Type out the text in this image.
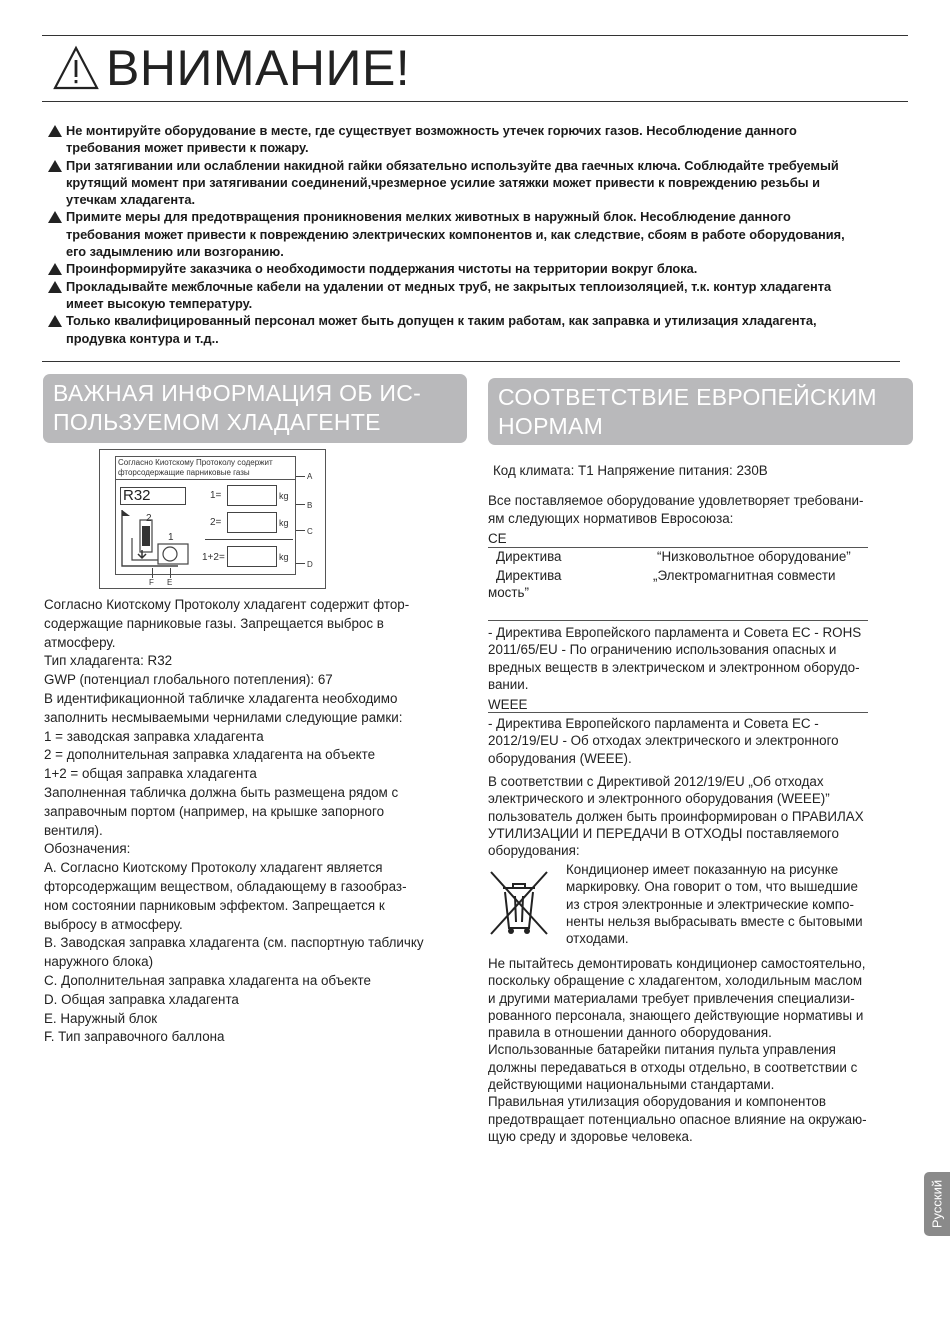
ВНИМАНИЕ!
Не монтируйте оборудование в месте, где существует возможность утечек горючих газов. Несоблюдение данного требования может привести к пожару.
При затягивании или ослаблении накидной гайки обязательно используйте два гаечных ключа. Соблюдайте требуемый крутящий момент при затягивании соединений,чрезмерное усилие затяжки может привести к повреждению резьбы и утечкам хладагента.
Примите меры для предотвращения проникновения мелких животных в наружный блок. Несоблюдение данного требования может привести к повреждению электрических компонентов и, как следствие, сбоям в работе оборудования, его задымлению или возгоранию.
Проинформируйте заказчика о необходимости поддержания чистоты на территории вокруг блока.
Прокладывайте межблочные кабели на удалении от медных труб, не закрытых теплоизоляцией, т.к. контур хладагента имеет высокую температуру.
Только квалифицированный персонал может быть допущен к таким работам, как заправка и утилизация хладагента, продувка контура и т.д..
ВАЖНАЯ ИНФОРМАЦИЯ ОБ ИС-
ПОЛЬЗУЕМОМ ХЛАДАГЕНТЕ
СООТВЕТСТВИЕ ЕВРОПЕЙСКИМ
НОРМАМ
Согласно Киотскому Протоколу содержит
фторсодержащие парниковые газы
R32	1=	kg
2=	kg
1+2=	kg
2
1
A
B
C
D
F E

Согласно Киотскому Протоколу хладагент содержит фтор-

содержащие парниковые газы. Запрещается выброс в

атмосферу.

Тип хладагента: R32

GWP (потенциал глобального потепления): 67

В идентификационной табличке хладагента необходимо

заполнить несмываемыми чернилами следующие рамки:

1 = заводская заправка хладагента

2 = дополнительная заправка хладагента на объекте

1+2 = общая заправка хладагента

Заполненная табличка должна быть размещена рядом с

заправочным портом (например, на крышке запорного

вентиля).

Обозначения:

A. Согласно Киотскому Протоколу хладагент является

фторсодержащим веществом, обладающему в газообраз-

ном состоянии парниковым эффектом. Запрещается к

выбросу в атмосферу.

B. Заводская заправка хладагента (см. паспортную табличку

наружного блока)

C. Дополнительная заправка хладагента на объекте

D. Общая заправка хладагента

E. Наружный блок

F. Тип заправочного баллона

Код климата: T1 Напряжение питания: 230В

Все поставляемое оборудование удовлетворяет требовани-

ям следующих нормативов Евросоюза:

CE
Директива	“Низковольтное оборудование”
Директива	„Электромагнитная совмести
мость”

- Директива Европейского парламента и Совета ЕС - ROHS

2011/65/EU - По ограничению использования опасных и

вредных веществ в электрическом и электронном оборудо-

вании.

WEEE

- Директива Европейского парламента и Совета ЕС -

2012/19/EU - Об отходах электрического и электронного

оборудования (WEEE).

В соответствии с Директивой 2012/19/EU „Об отходах

электрического и электронного оборудования (WEEE)”

пользователь должен быть проинформирован о ПРАВИЛАХ

УТИЛИЗАЦИИ И ПЕРЕДАЧИ В ОТХОДЫ поставляемого

оборудования:

Кондиционер имеет показанную на рисунке

маркировку. Она говорит о том, что вышедшие

из строя электронные и электрические компо-

ненты нельзя выбрасывать вместе с бытовыми

отходами.

Не пытайтесь демонтировать кондиционер самостоятельно,

поскольку обращение с хладагентом, холодильным маслом

и другими материалами требует привлечения специализи-

рованного персонала, знающего действующие нормативы и

правила в отношении данного оборудования.

Использованные батарейки питания пульта управления

должны передаваться в отходы отдельно, в соответствии с

действующими национальными стандартами.

Правильная утилизация оборудования и компонентов

предотвращает потенциально опасное влияние на окружаю-

щую среду и здоровье человека.

Русский
